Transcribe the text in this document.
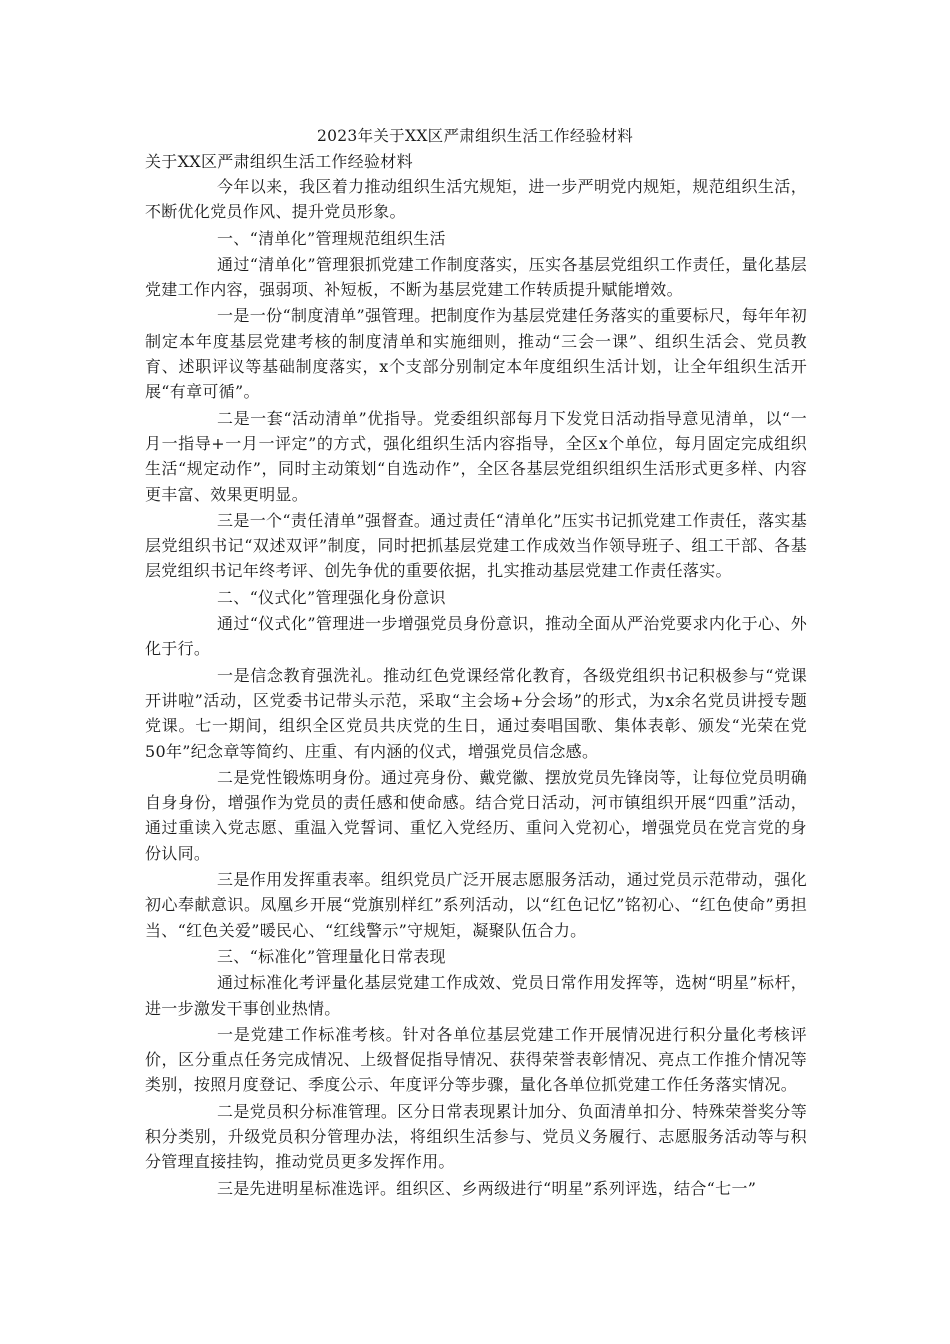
2023年关于XX区严肃组织生活工作经验材料

关于XX区严肃组织生活工作经验材料

今年以来，我区着力推动组织生活宄规矩，进一步严明党内规矩，规范组织生活，不断优化党员作风、提升党员形象。

一、“清单化”管理规范组织生活

通过“清单化”管理狠抓党建工作制度落实，压实各基层党组织工作责任，量化基层党建工作内容，强弱项、补短板，不断为基层党建工作转质提升赋能增效。

一是一份“制度清单”强管理。把制度作为基层党建任务落实的重要标尺，每年年初制定本年度基层党建考核的制度清单和实施细则，推动“三会一课”、组织生活会、党员教育、述职评议等基础制度落实，x个支部分别制定本年度组织生活计划，让全年组织生活开展“有章可循”。

二是一套“活动清单”优指导。党委组织部每月下发党日活动指导意见清单，以“一月一指导+一月一评定”的方式，强化组织生活内容指导，全区x个单位，每月固定完成组织生活“规定动作”，同时主动策划“自选动作”，全区各基层党组织组织生活形式更多样、内容更丰富、效果更明显。

三是一个“责任清单”强督查。通过责任“清单化”压实书记抓党建工作责任，落实基层党组织书记“双述双评”制度，同时把抓基层党建工作成效当作领导班子、组工干部、各基层党组织书记年终考评、创先争优的重要依据，扎实推动基层党建工作责任落实。

二、“仪式化”管理强化身份意识

通过“仪式化”管理进一步增强党员身份意识，推动全面从严治党要求内化于心、外化于行。

一是信念教育强洗礼。推动红色党课经常化教育，各级党组织书记积极参与“党课开讲啦”活动，区党委书记带头示范，采取“主会场+分会场”的形式，为x余名党员讲授专题党课。七一期间，组织全区党员共庆党的生日，通过奏唱国歌、集体表彰、颁发“光荣在党50年”纪念章等简约、庄重、有内涵的仪式，增强党员信念感。

二是党性锻炼明身份。通过亮身份、戴党徽、摆放党员先锋岗等，让每位党员明确自身身份，增强作为党员的责任感和使命感。结合党日活动，河市镇组织开展“四重”活动，通过重读入党志愿、重温入党誓词、重忆入党经历、重问入党初心，增强党员在党言党的身份认同。

三是作用发挥重表率。组织党员广泛开展志愿服务活动，通过党员示范带动，强化初心奉献意识。凤凰乡开展“党旗别样红”系列活动，以“红色记忆”铭初心、“红色使命”勇担当、“红色关爱”暖民心、“红线警示”守规矩，凝聚队伍合力。

三、“标准化”管理量化日常表现

通过标准化考评量化基层党建工作成效、党员日常作用发挥等，选树“明星”标杆，进一步激发干事创业热情。

一是党建工作标准考核。针对各单位基层党建工作开展情况进行积分量化考核评价，区分重点任务完成情况、上级督促指导情况、获得荣誉表彰情况、亮点工作推介情况等类别，按照月度登记、季度公示、年度评分等步骤，量化各单位抓党建工作任务落实情况。

二是党员积分标准管理。区分日常表现累计加分、负面清单扣分、特殊荣誉奖分等积分类别，升级党员积分管理办法，将组织生活参与、党员义务履行、志愿服务活动等与积分管理直接挂钩，推动党员更多发挥作用。

三是先进明星标准选评。组织区、乡两级进行“明星”系列评选，结合“七一”
